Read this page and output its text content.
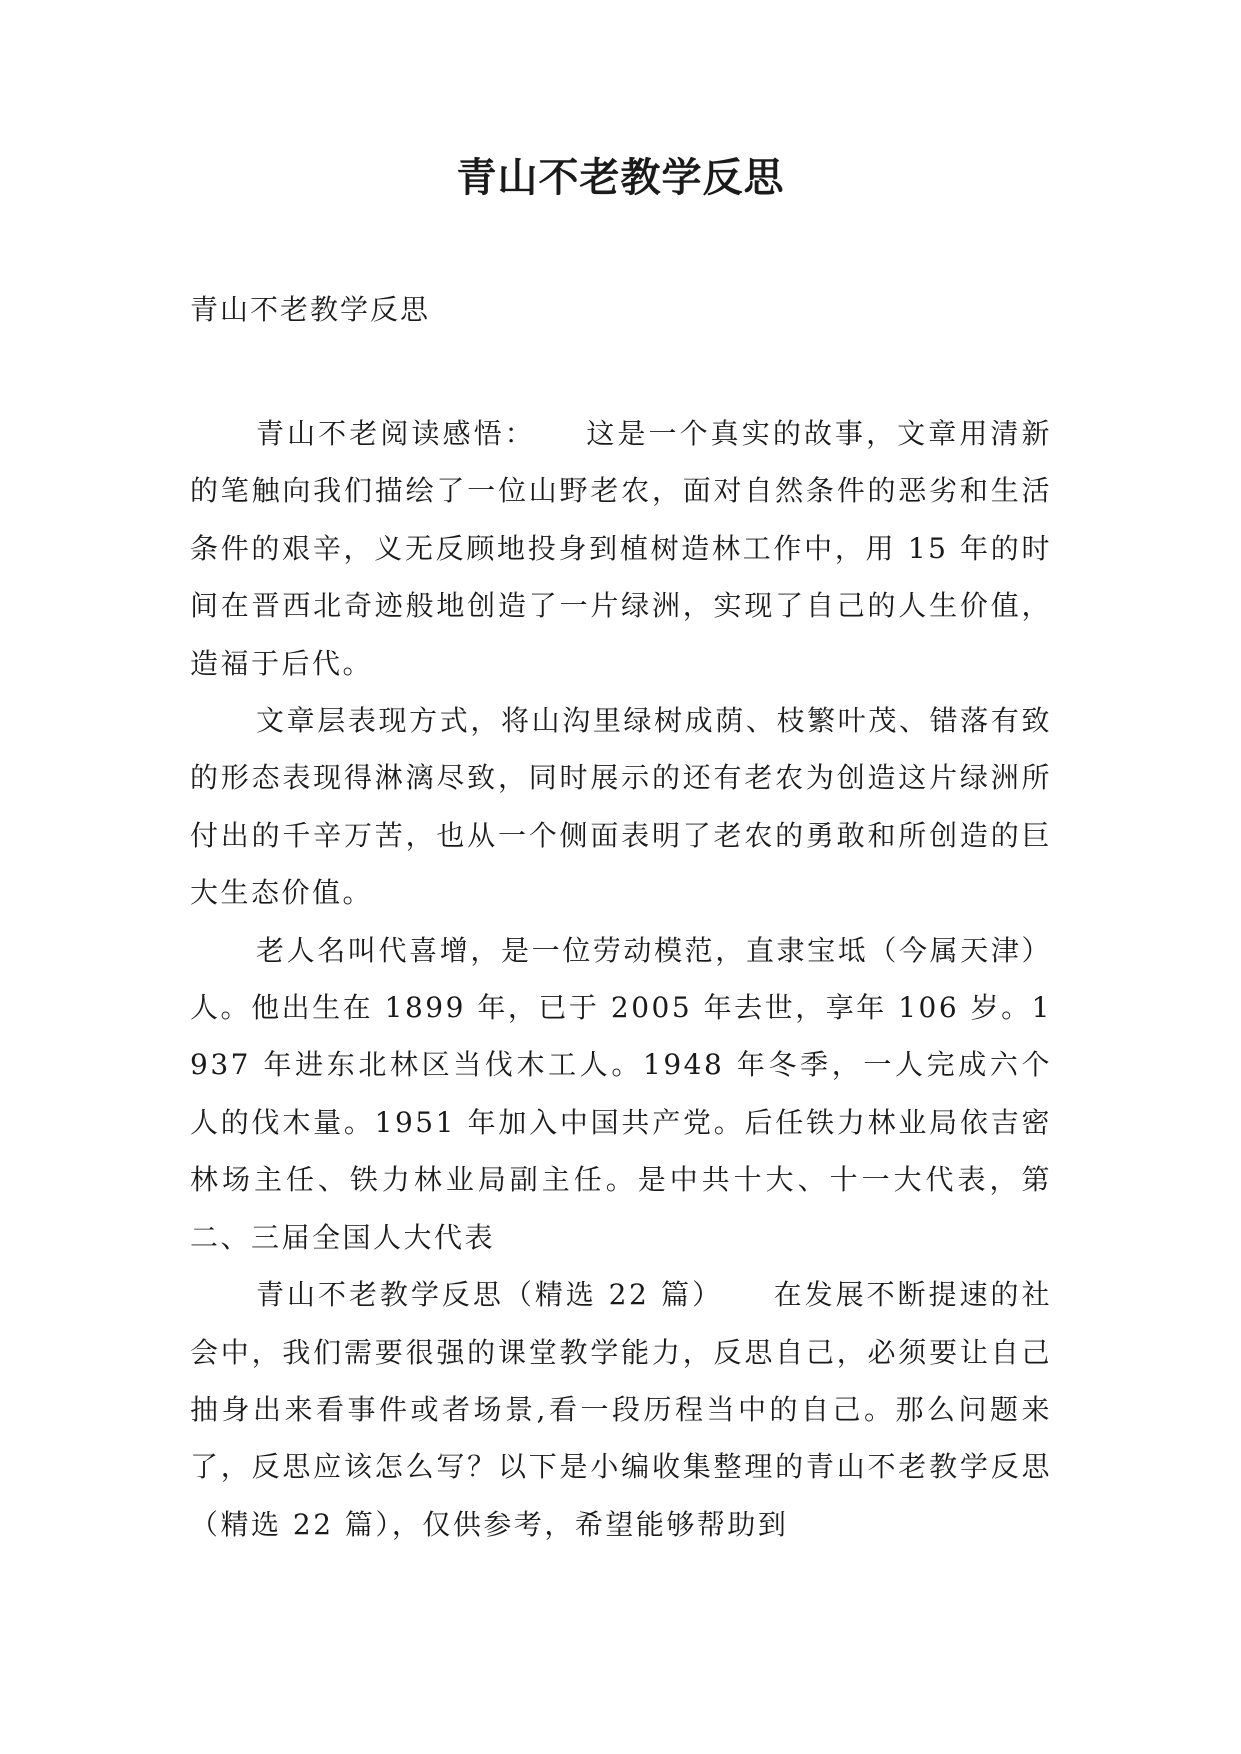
青山不老教学反思

青山不老教学反思

青山不老阅读感悟： 这是一个真实的故事，文章用清新的笔触向我们描绘了一位山野老农，面对自然条件的恶劣和生活条件的艰辛，义无反顾地投身到植树造林工作中，用 15 年的时间在晋西北奇迹般地创造了一片绿洲，实现了自己的人生价值，造福于后代。

文章层表现方式，将山沟里绿树成荫、枝繁叶茂、错落有致的形态表现得淋漓尽致，同时展示的还有老农为创造这片绿洲所付出的千辛万苦，也从一个侧面表明了老农的勇敢和所创造的巨大生态价值。

老人名叫代喜增，是一位劳动模范，直隶宝坻（今属天津）人。他出生在 1899 年，已于 2005 年去世，享年 106 岁。1937 年进东北林区当伐木工人。1948 年冬季，一人完成六个人的伐木量。1951 年加入中国共产党。后任铁力林业局依吉密林场主任、铁力林业局副主任。是中共十大、十一大代表，第二、三届全国人大代表

青山不老教学反思（精选 22 篇） 在发展不断提速的社会中，我们需要很强的课堂教学能力，反思自己，必须要让自己抽身出来看事件或者场景,看一段历程当中的自己。那么问题来了，反思应该怎么写？以下是小编收集整理的青山不老教学反思（精选 22 篇），仅供参考，希望能够帮助到
